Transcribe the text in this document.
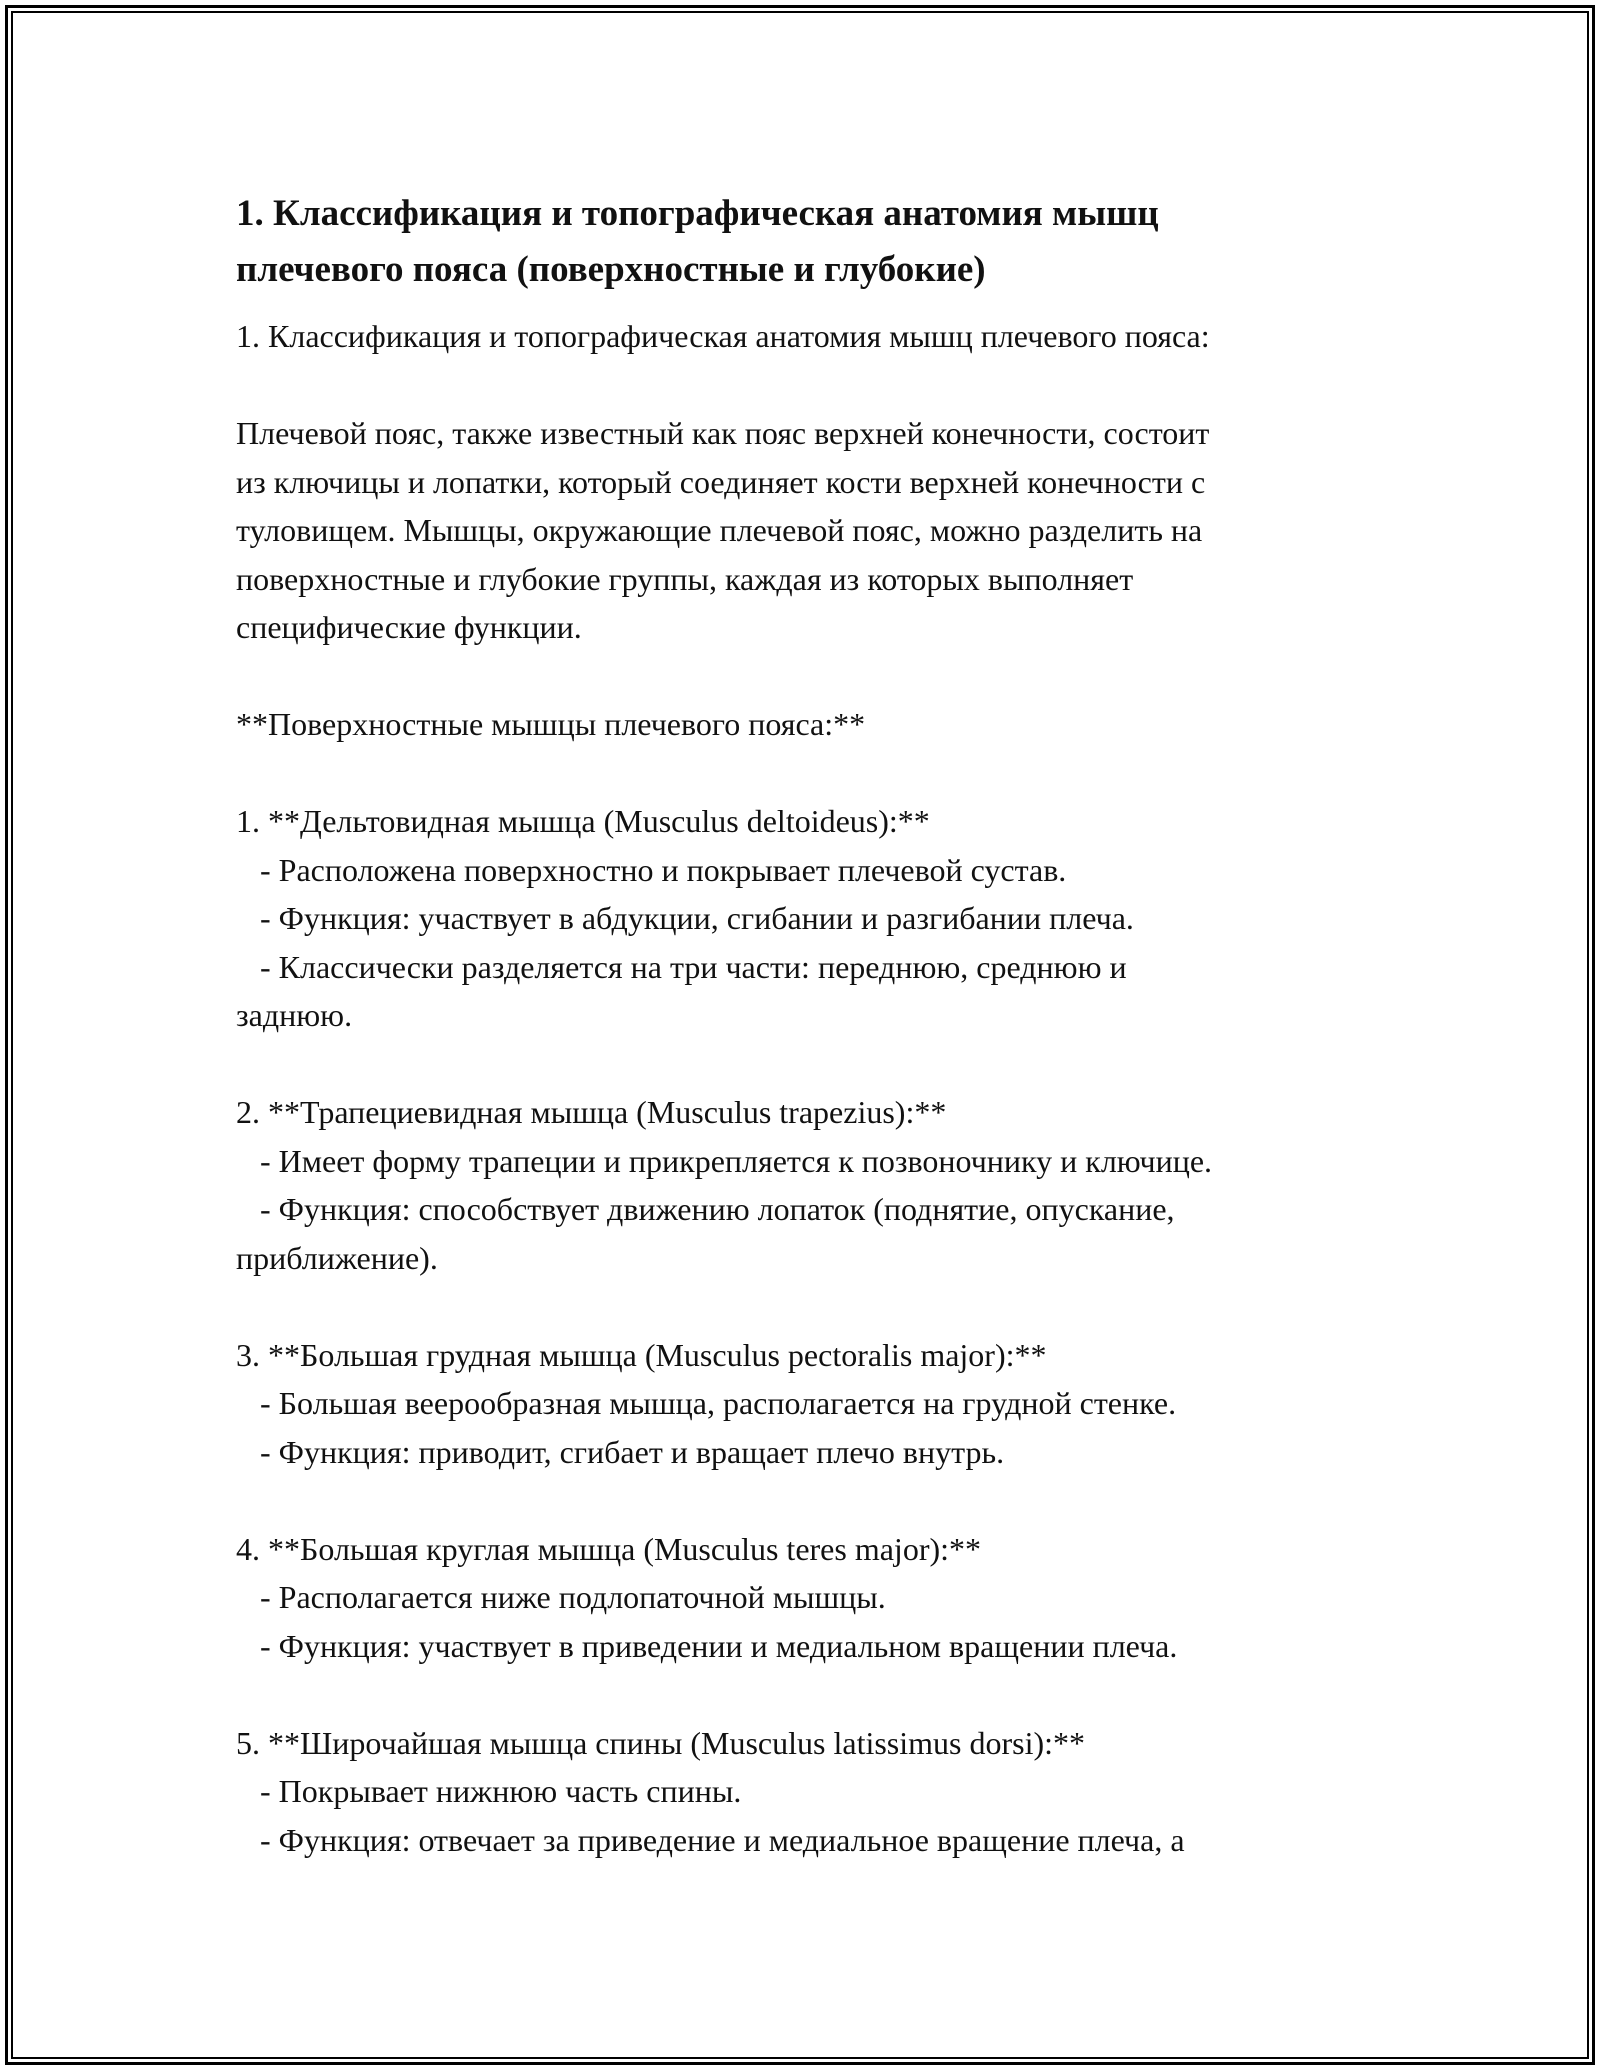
1. Классификация и топографическая анатомия мышц
плечевого пояса (поверхностные и глубокие)
1. Классификация и топографическая анатомия мышц плечевого пояса:
Плечевой пояс, также известный как пояс верхней конечности, состоит
из ключицы и лопатки, который соединяет кости верхней конечности с
туловищем. Мышцы, окружающие плечевой пояс, можно разделить на
поверхностные и глубокие группы, каждая из которых выполняет
специфические функции.
**Поверхностные мышцы плечевого пояса:**
1. **Дельтовидная мышца (Musculus deltoideus):**
- Расположена поверхностно и покрывает плечевой сустав.
- Функция: участвует в абдукции, сгибании и разгибании плеча.
- Классически разделяется на три части: переднюю, среднюю и
заднюю.
2. **Трапециевидная мышца (Musculus trapezius):**
- Имеет форму трапеции и прикрепляется к позвоночнику и ключице.
- Функция: способствует движению лопаток (поднятие, опускание,
приближение).
3. **Большая грудная мышца (Musculus pectoralis major):**
- Большая веерообразная мышца, располагается на грудной стенке.
- Функция: приводит, сгибает и вращает плечо внутрь.
4. **Большая круглая мышца (Musculus teres major):**
- Располагается ниже подлопаточной мышцы.
- Функция: участвует в приведении и медиальном вращении плеча.
5. **Широчайшая мышца спины (Musculus latissimus dorsi):**
- Покрывает нижнюю часть спины.
- Функция: отвечает за приведение и медиальное вращение плеча, а
